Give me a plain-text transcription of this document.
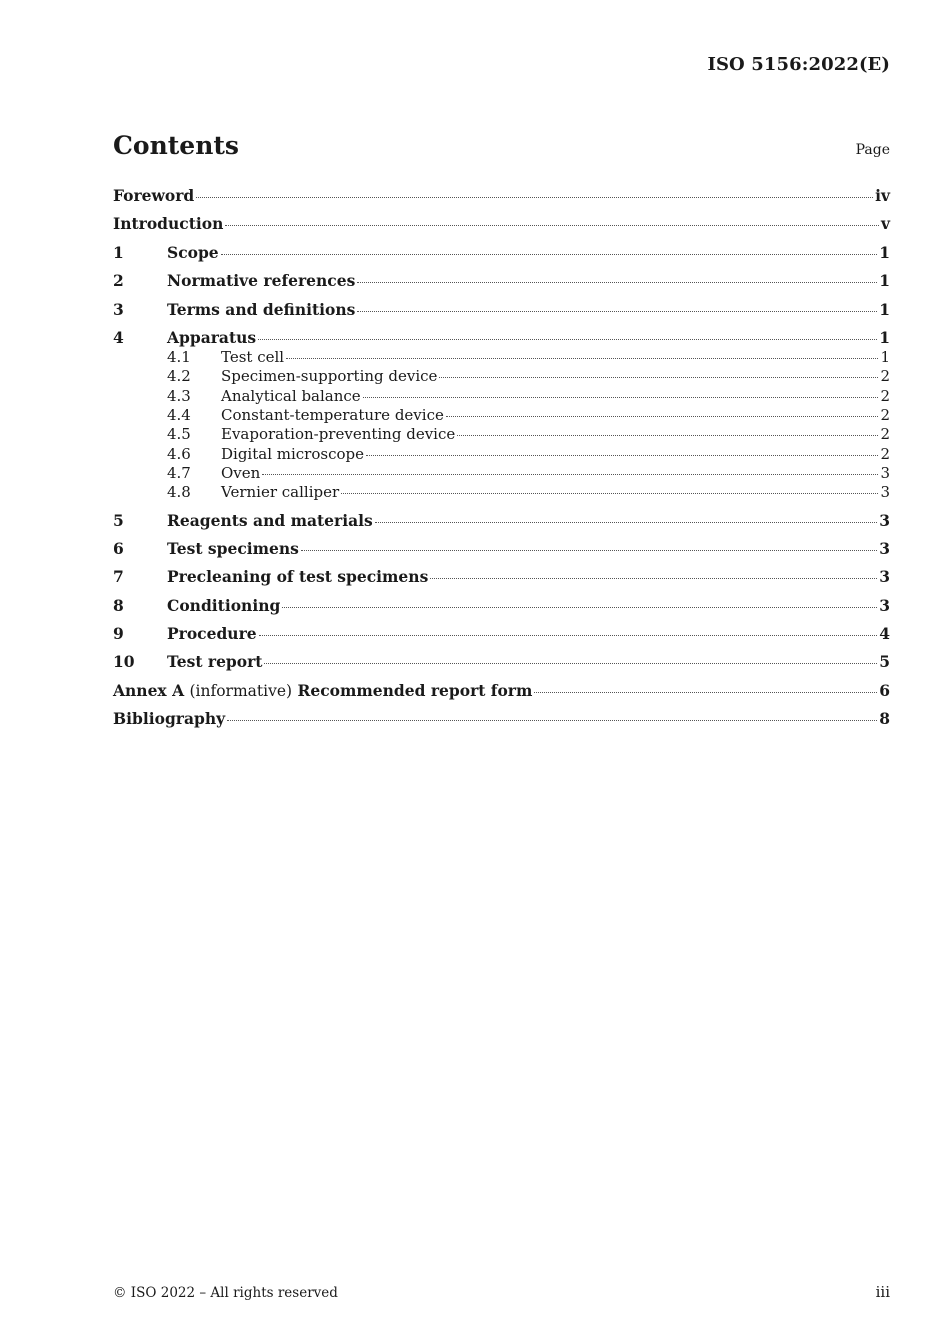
ISO 5156:2022(E)
Contents	Page
Foreword	iv
Introduction	v
1	Scope	1
2	Normative references	1
3	Terms and definitions	1
4	Apparatus	1
4.1	Test cell	1
4.2	Specimen-supporting device	2
4.3	Analytical balance	2
4.4	Constant-temperature device	2
4.5	Evaporation-preventing device	2
4.6	Digital microscope	2
4.7	Oven	3
4.8	Vernier calliper	3
5	Reagents and materials	3
6	Test specimens	3
7	Precleaning of test specimens	3
8	Conditioning	3
9	Procedure	4
10	Test report	5
Annex A (informative) Recommended report form	6
Bibliography	8
© ISO 2022 – All rights reserved	iii
